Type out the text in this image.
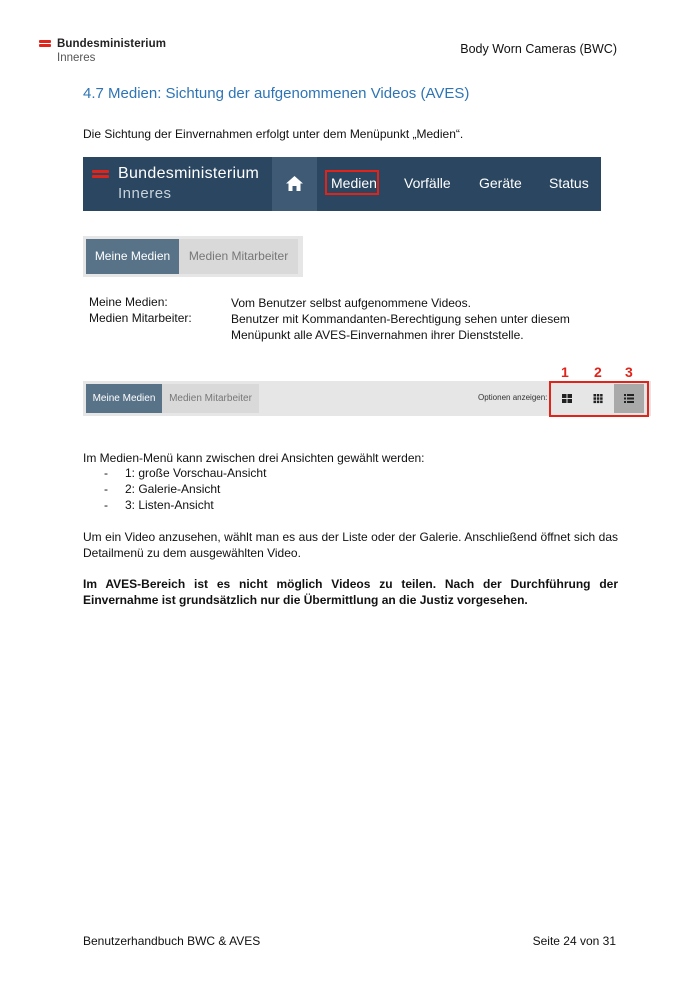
Bundesministerium
Inneres
Body Worn Cameras (BWC)
4.7 Medien: Sichtung der aufgenommenen Videos (AVES)
Die Sichtung der Einvernahmen erfolgt unter dem Menüpunkt „Medien“.
Bundesministerium
Inneres
Medien Vorfälle Geräte Status
Meine Medien	Medien Mitarbeiter
Meine Medien:	Vom Benutzer selbst aufgenommene Videos.
Medien Mitarbeiter:	Benutzer mit Kommandanten-Berechtigung sehen unter diesem Menüpunkt alle AVES-Einvernahmen ihrer Dienststelle.
1 2 3
Meine Medien	Medien Mitarbeiter	Optionen anzeigen:
Im Medien-Menü kann zwischen drei Ansichten gewählt werden:
- 1: große Vorschau-Ansicht
- 2: Galerie-Ansicht
- 3: Listen-Ansicht
Um ein Video anzusehen, wählt man es aus der Liste oder der Galerie. Anschließend öffnet sich das Detailmenü zu dem ausgewählten Video.
Im AVES-Bereich ist es nicht möglich Videos zu teilen. Nach der Durchführung der Einvernahme ist grundsätzlich nur die Übermittlung an die Justiz vorgesehen.
Benutzerhandbuch BWC & AVES	Seite 24 von 31
